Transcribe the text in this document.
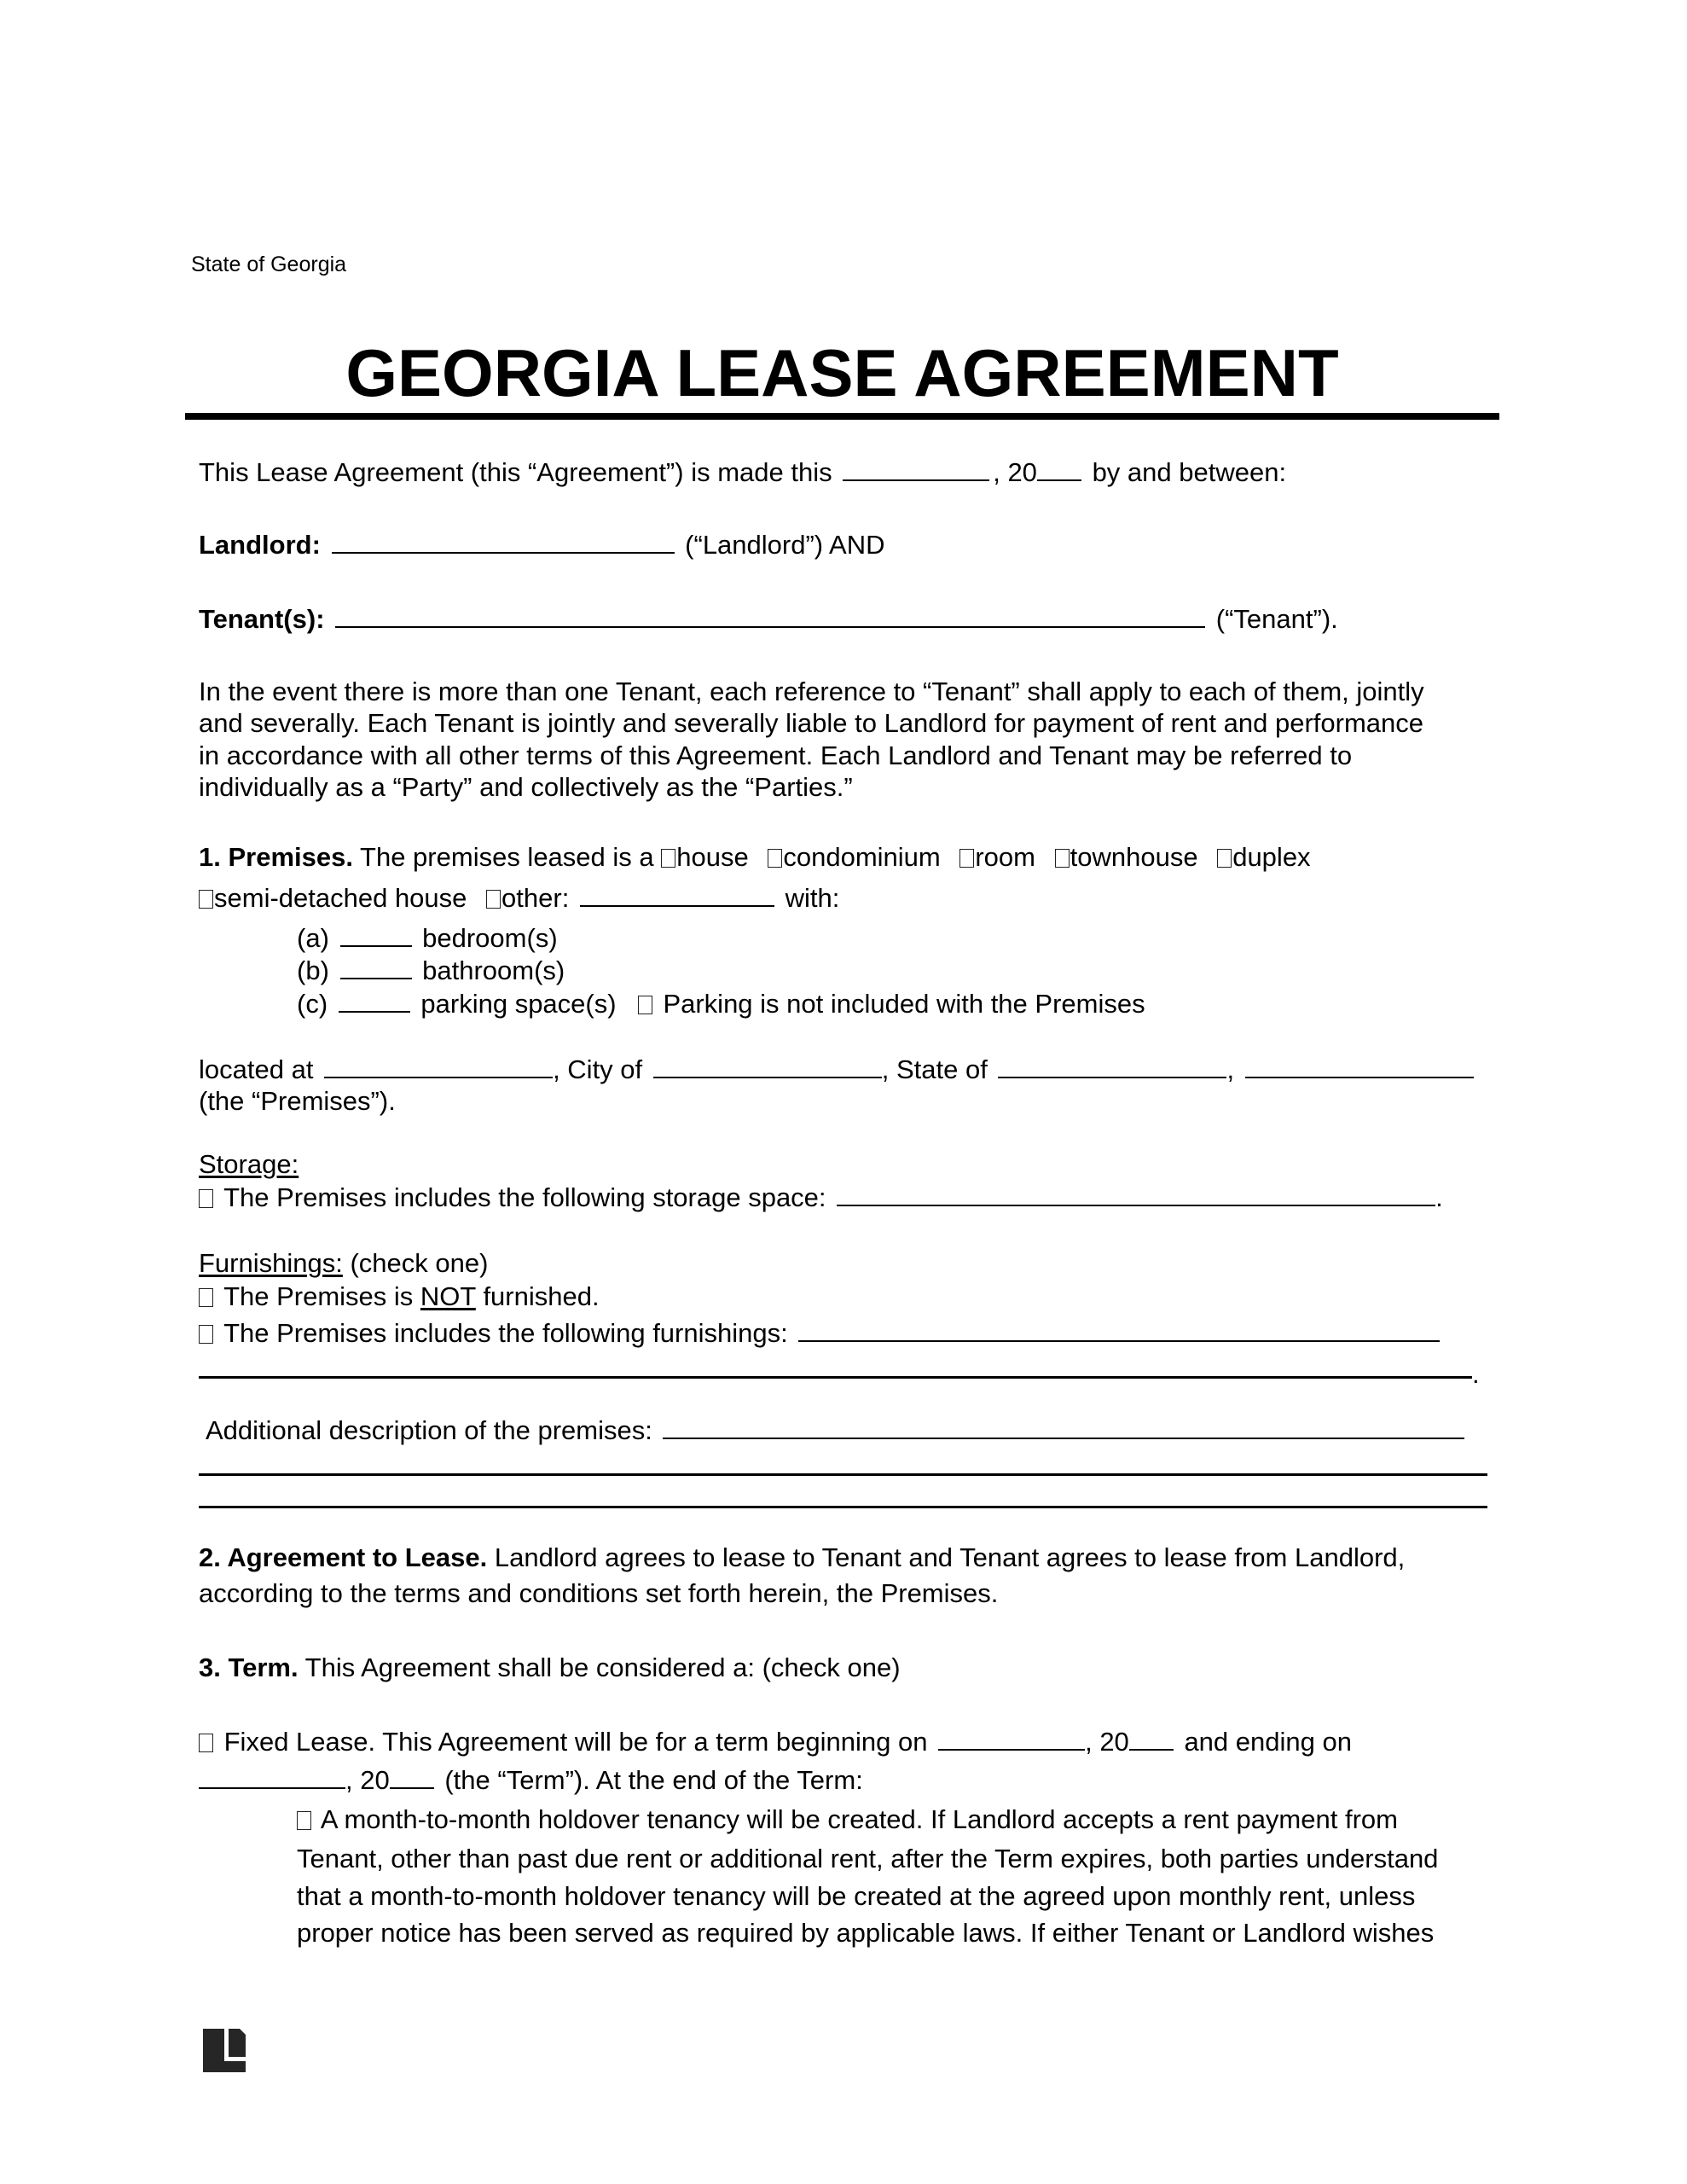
State of Georgia
GEORGIA LEASE AGREEMENT
This Lease Agreement (this “Agreement”) is made this	, 20 by and between:
Landlord:	(“Landlord”) AND
Tenant(s):	(“Tenant”).
In the event there is more than one Tenant, each reference to “Tenant” shall apply to each of them, jointly
and severally. Each Tenant is jointly and severally liable to Landlord for payment of rent and performance
in accordance with all other terms of this Agreement. Each Landlord and Tenant may be referred to
individually as a “Party” and collectively as the “Parties.”
1. Premises. The premises leased is a house condominium room townhouse duplex
semi-detached house other:	with:
(a)	bedroom(s)
(b)	bathroom(s)
(c)	parking space(s) Parking is not included with the Premises
located at	, City of	, State of	,
(the “Premises”).
Storage:
The Premises includes the following storage space:	.
Furnishings: (check one)
The Premises is NOT furnished.
The Premises includes the following furnishings:
.
Additional description of the premises:
2. Agreement to Lease. Landlord agrees to lease to Tenant and Tenant agrees to lease from Landlord,
according to the terms and conditions set forth herein, the Premises.
3. Term. This Agreement shall be considered a: (check one)
Fixed Lease. This Agreement will be for a term beginning on	, 20 and ending on
, 20 (the “Term”). At the end of the Term:
A month-to-month holdover tenancy will be created. If Landlord accepts a rent payment from
Tenant, other than past due rent or additional rent, after the Term expires, both parties understand
that a month-to-month holdover tenancy will be created at the agreed upon monthly rent, unless
proper notice has been served as required by applicable laws. If either Tenant or Landlord wishes
